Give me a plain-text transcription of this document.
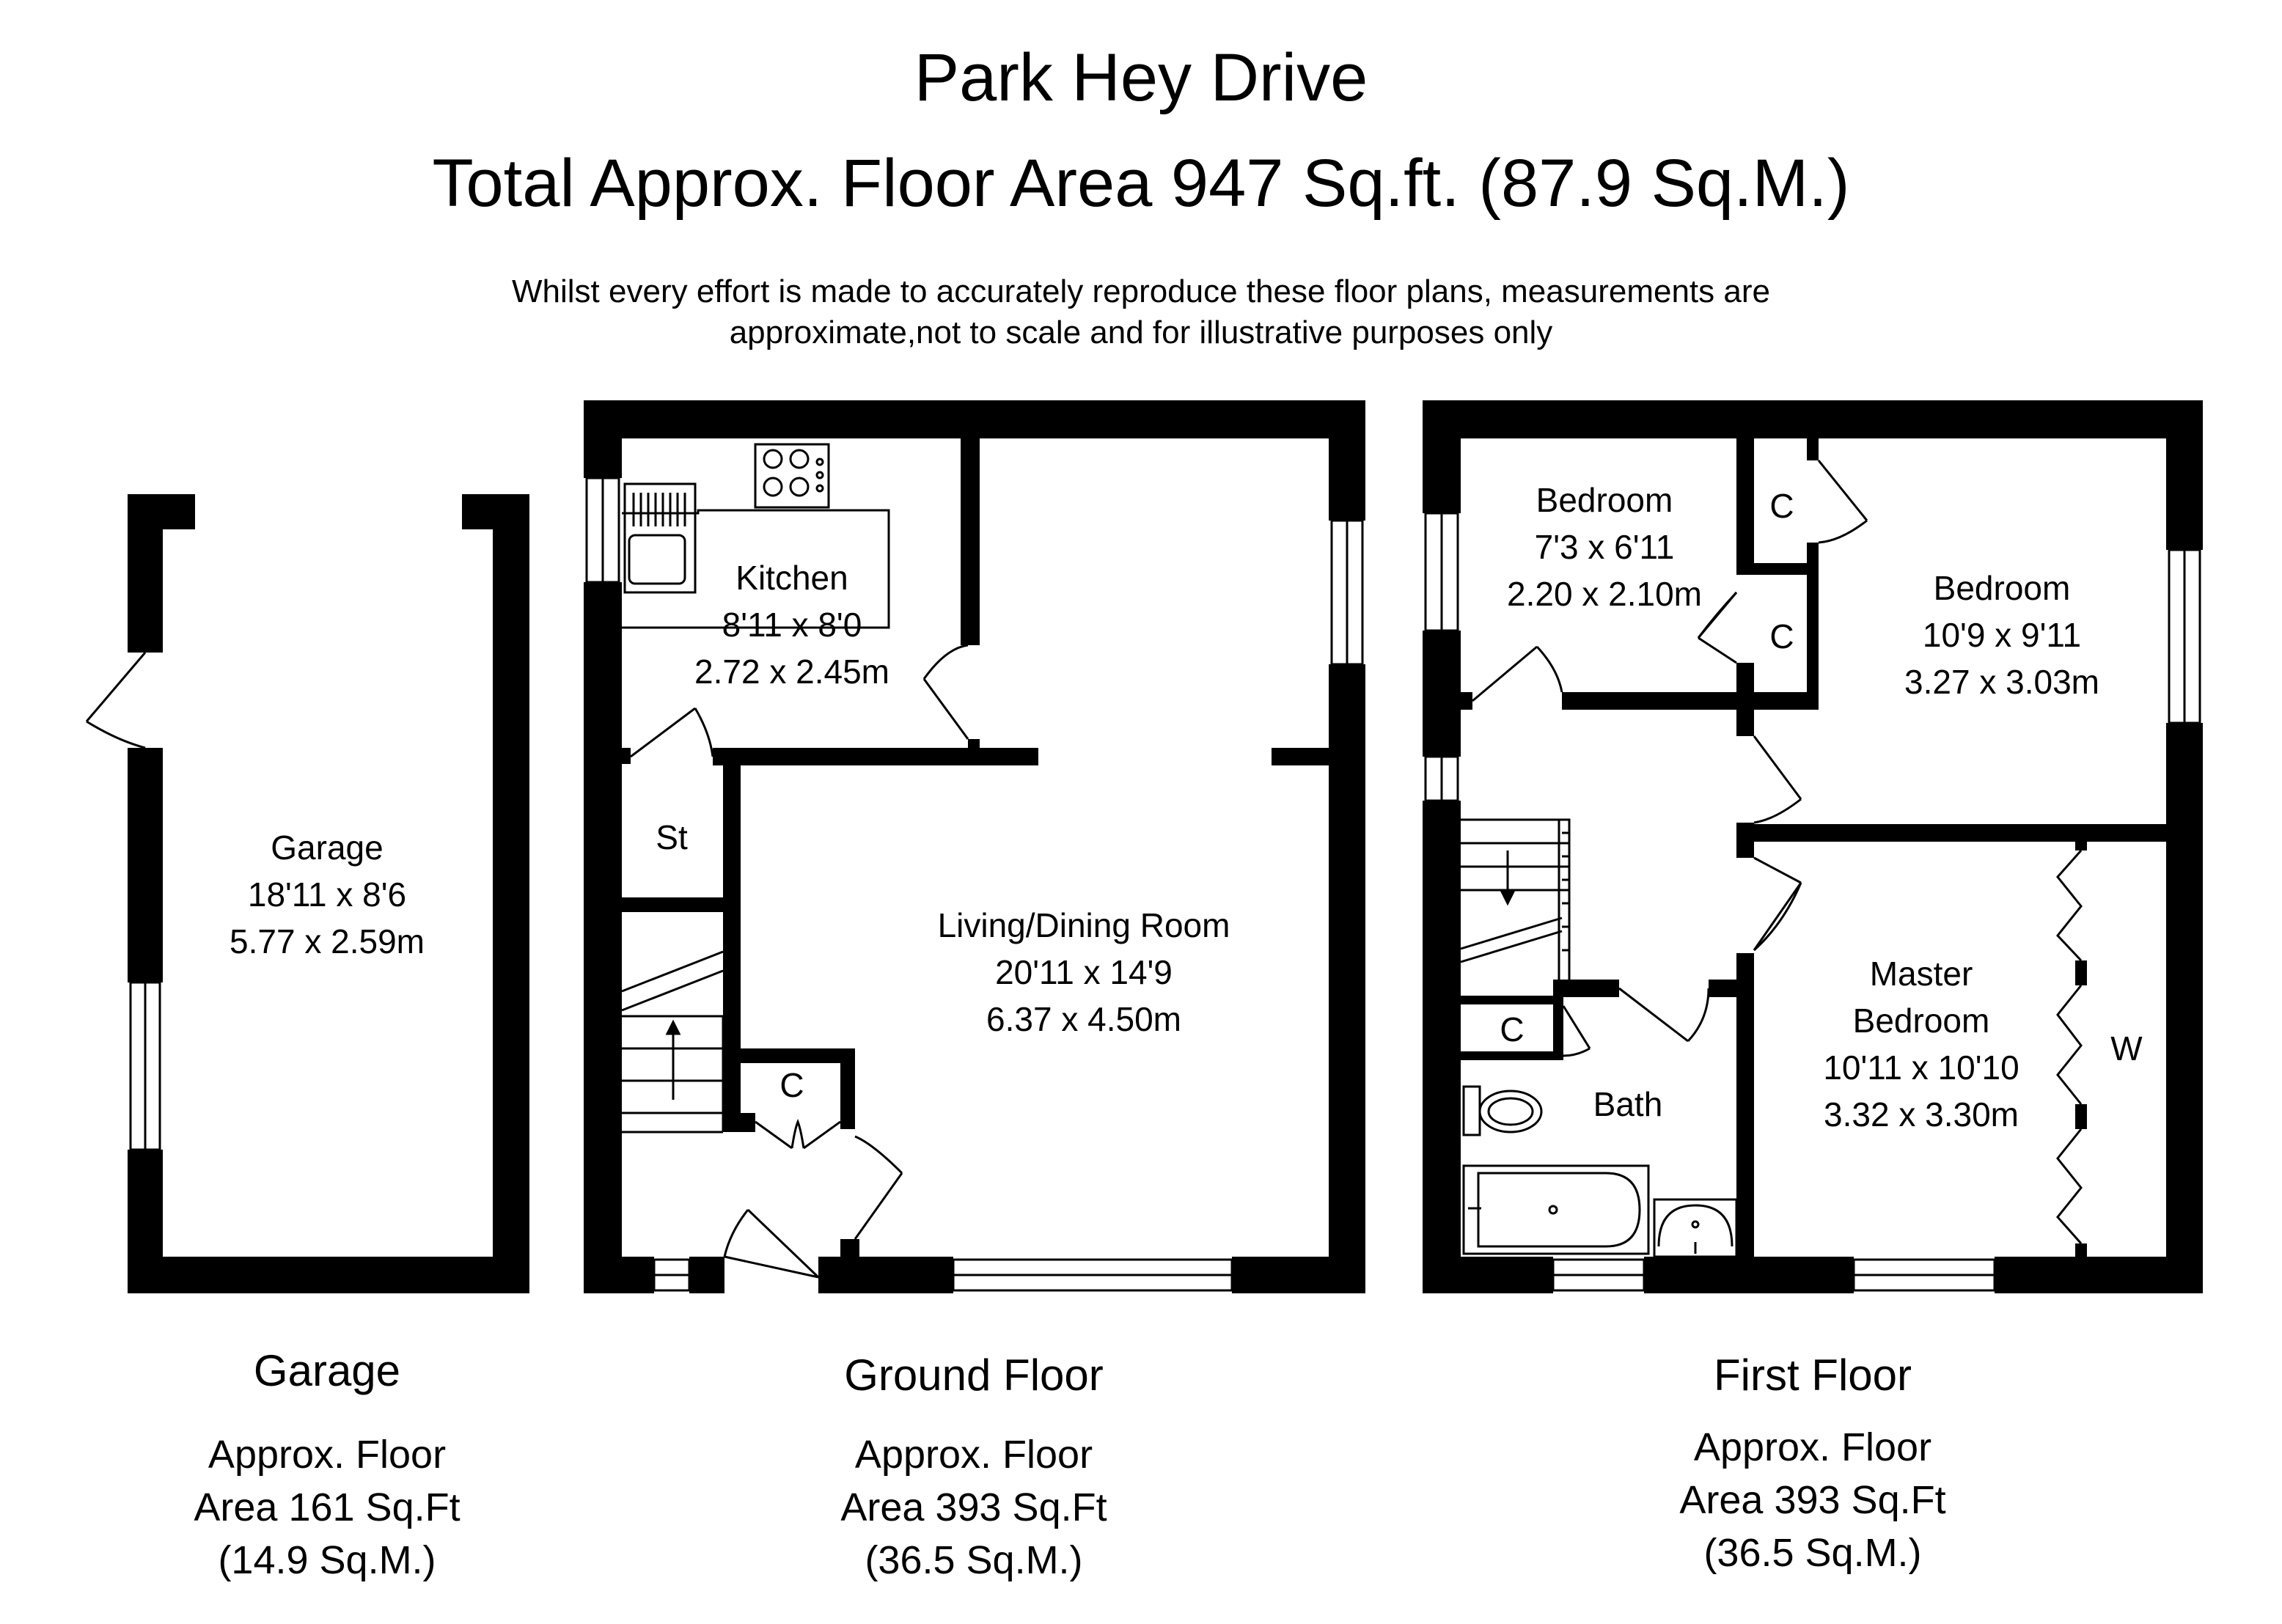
Park Hey Drive
Total Approx. Floor Area 947 Sq.ft. (87.9 Sq.M.)
Whilst every effort is made to accurately reproduce these floor plans, measurements are
approximate,not to scale and for illustrative purposes only
Garage
18'11 x 8'6
5.77 x 2.59m
Kitchen
8'11 x 8'0
2.72 x 2.45m
Living/Dining Room
20'11 x 14'9
6.37 x 4.50m
St
C
Bedroom
7'3 x 6'11
2.20 x 2.10m	Bedroom
10'9 x 9'11
3.27 x 3.03m
Master
Bedroom
10'11 x 10'10
3.32 x 3.30m
Bath
C
C
C	W
Garage
Approx. Floor
Area 161 Sq.Ft
(14.9 Sq.M.)
Ground Floor
Approx. Floor
Area 393 Sq.Ft
(36.5 Sq.M.)
First Floor
Approx. Floor
Area 393 Sq.Ft
(36.5 Sq.M.)
